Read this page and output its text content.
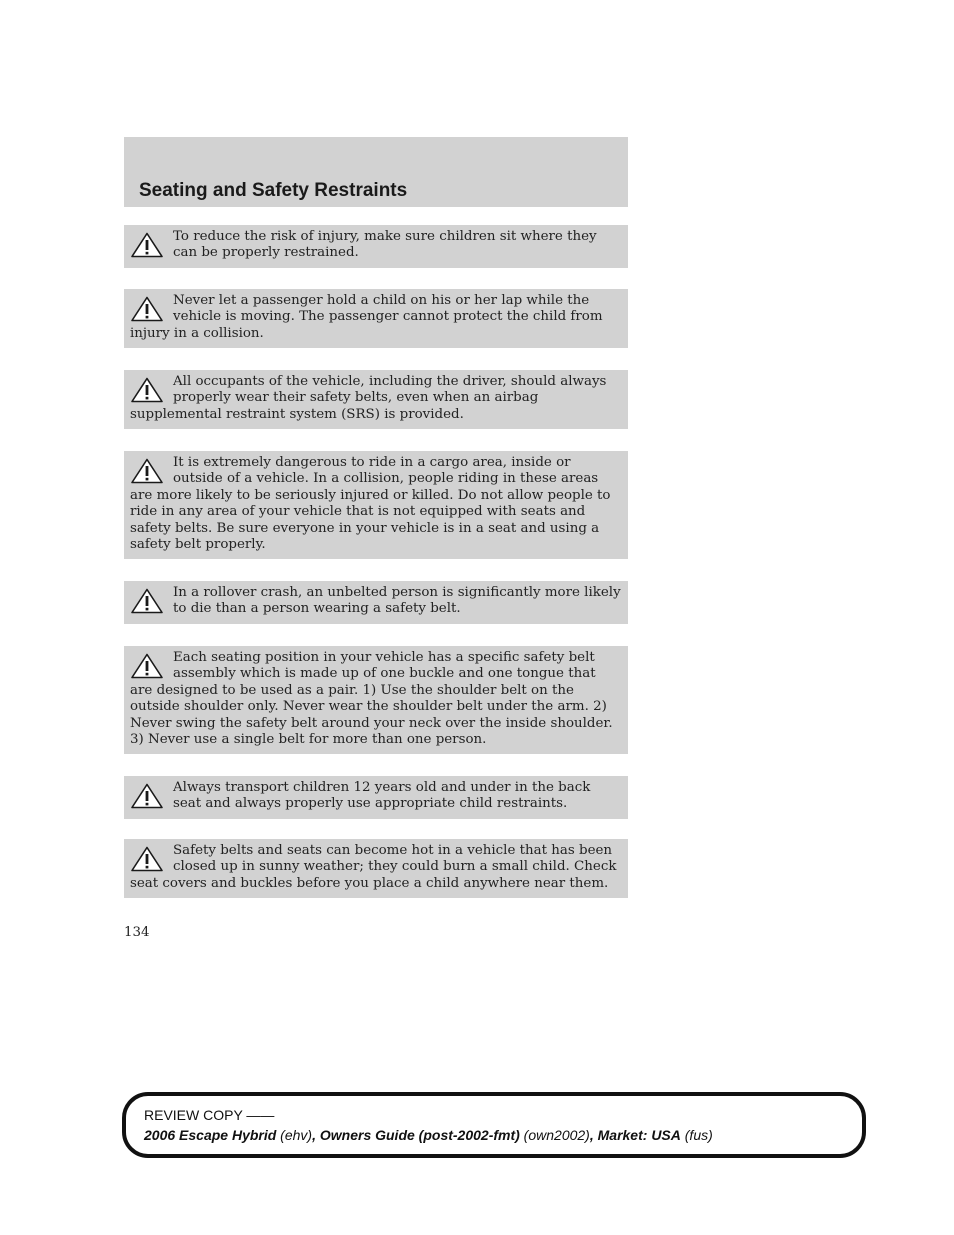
Seating and Safety Restraints

To reduce the risk of injury, make sure children sit where they can be properly restrained.

Never let a passenger hold a child on his or her lap while the vehicle is moving. The passenger cannot protect the child from injury in a collision.

All occupants of the vehicle, including the driver, should always properly wear their safety belts, even when an airbag supplemental restraint system (SRS) is provided.

It is extremely dangerous to ride in a cargo area, inside or outside of a vehicle. In a collision, people riding in these areas are more likely to be seriously injured or killed. Do not allow people to ride in any area of your vehicle that is not equipped with seats and safety belts. Be sure everyone in your vehicle is in a seat and using a safety belt properly.

In a rollover crash, an unbelted person is significantly more likely to die than a person wearing a safety belt.

Each seating position in your vehicle has a specific safety belt assembly which is made up of one buckle and one tongue that are designed to be used as a pair. 1) Use the shoulder belt on the outside shoulder only. Never wear the shoulder belt under the arm. 2) Never swing the safety belt around your neck over the inside shoulder. 3) Never use a single belt for more than one person.

Always transport children 12 years old and under in the back seat and always properly use appropriate child restraints.

Safety belts and seats can become hot in a vehicle that has been closed up in sunny weather; they could burn a small child. Check seat covers and buckles before you place a child anywhere near them.

134
REVIEW COPY ——
2006 Escape Hybrid (ehv), Owners Guide (post-2002-fmt) (own2002), Market: USA (fus)
